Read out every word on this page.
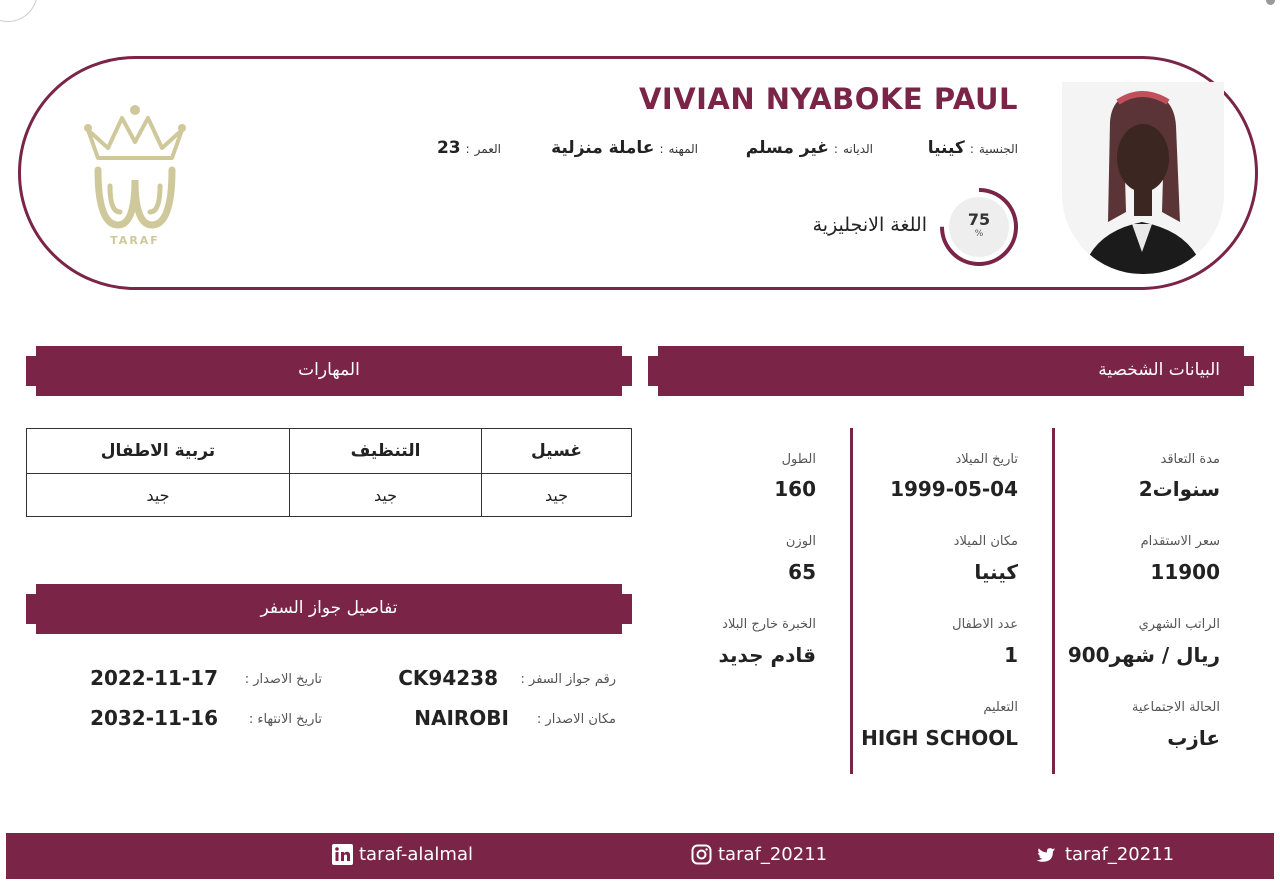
TARAF
VIVIAN NYABOKE PAUL
الجنسية
:
كينيا
الديانه
:
غير مسلم
المهنه
:
عاملة منزلية
العمر
:
23
75
%
اللغة الانجليزية
البيانات الشخصية
المهارات
تفاصيل جواز السفر
غسيل	التنظيف	تربية الاطفال
جيد	جيد	جيد
مدة التعاقد
2سنوات
سعر الاستقدام
11900
الراتب الشهري
900ريال / شهر
الحالة الاجتماعية
عازب
تاريخ الميلاد
1999-05-04
مكان الميلاد
كينيا
عدد الاطفال
1
التعليم
HIGH SCHOOL
الطول
160
الوزن
65
الخبرة خارج البلاد
قادم جديد
رقم جواز السفر :
CK94238
مكان الاصدار :
NAIROBI
تاريخ الاصدار :
2022-11-17
تاريخ الانتهاء :
2032-11-16
taraf-alalmal	taraf_20211	taraf_20211
